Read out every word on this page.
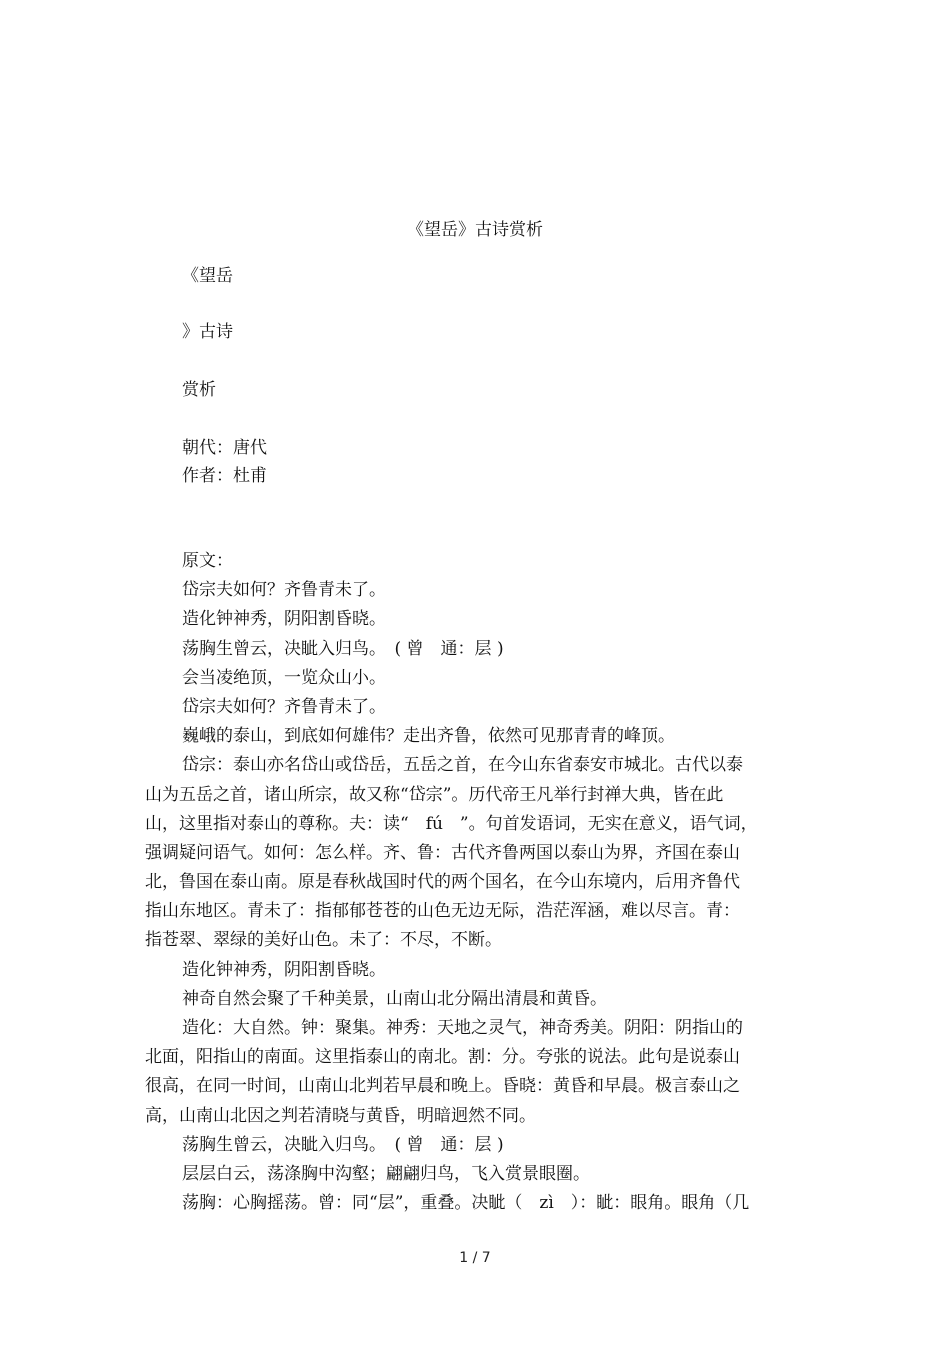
《望岳》古诗赏析
《望岳
》古诗
赏析
朝代：唐代
作者：杜甫
原文：
岱宗夫如何？齐鲁青未了。
造化钟神秀，阴阳割昏晓。
荡胸生曾云，决眦入归鸟。　( 曾　通：层 )
会当凌绝顶，一览众山小。
岱宗夫如何？齐鲁青未了。
巍峨的泰山，到底如何雄伟？走出齐鲁，依然可见那青青的峰顶。
岱宗：泰山亦名岱山或岱岳，五岳之首，在今山东省泰安市城北。古代以泰
山为五岳之首，诸山所宗，故又称“岱宗”。历代帝王凡举行封禅大典，皆在此
山，这里指对泰山的尊称。夫：读“　fú　”。句首发语词，无实在意义，语气词，
强调疑问语气。如何：怎么样。齐、鲁：古代齐鲁两国以泰山为界，齐国在泰山
北，鲁国在泰山南。原是春秋战国时代的两个国名，在今山东境内，后用齐鲁代
指山东地区。青未了：指郁郁苍苍的山色无边无际，浩茫浑涵，难以尽言。青：
指苍翠、翠绿的美好山色。未了：不尽，不断。
造化钟神秀，阴阳割昏晓。
神奇自然会聚了千种美景，山南山北分隔出清晨和黄昏。
造化：大自然。钟：聚集。神秀：天地之灵气，神奇秀美。阴阳：阴指山的
北面，阳指山的南面。这里指泰山的南北。割：分。夸张的说法。此句是说泰山
很高，在同一时间，山南山北判若早晨和晚上。昏晓：黄昏和早晨。极言泰山之
高，山南山北因之判若清晓与黄昏，明暗迥然不同。
荡胸生曾云，决眦入归鸟。　( 曾　通：层 )
层层白云，荡涤胸中沟壑；翩翩归鸟，飞入赏景眼圈。
荡胸：心胸摇荡。曾：同“层”，重叠。决眦（　zì　）：眦：眼角。眼角（几
1 / 7
